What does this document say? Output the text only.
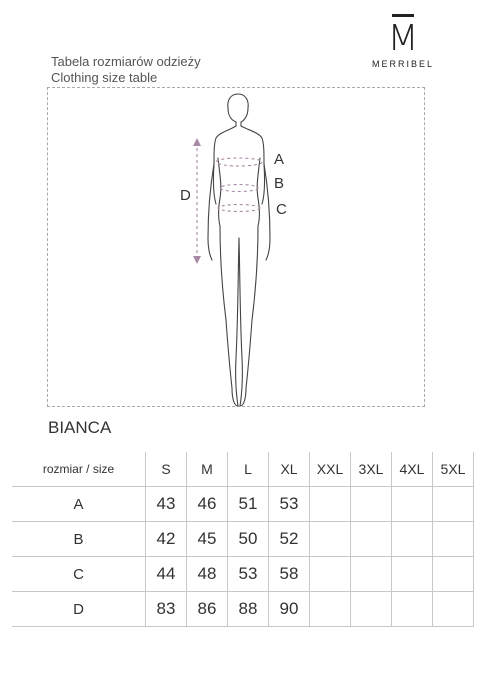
M
MERRIBEL
Tabela rozmiarów odzieży
Clothing size table
A
B
C
D
BIANCA
rozmiar / size	S	M	L	XL	XXL	3XL	4XL	5XL
A	43	46	51	53				
B	42	45	50	52				
C	44	48	53	58				
D	83	86	88	90				
